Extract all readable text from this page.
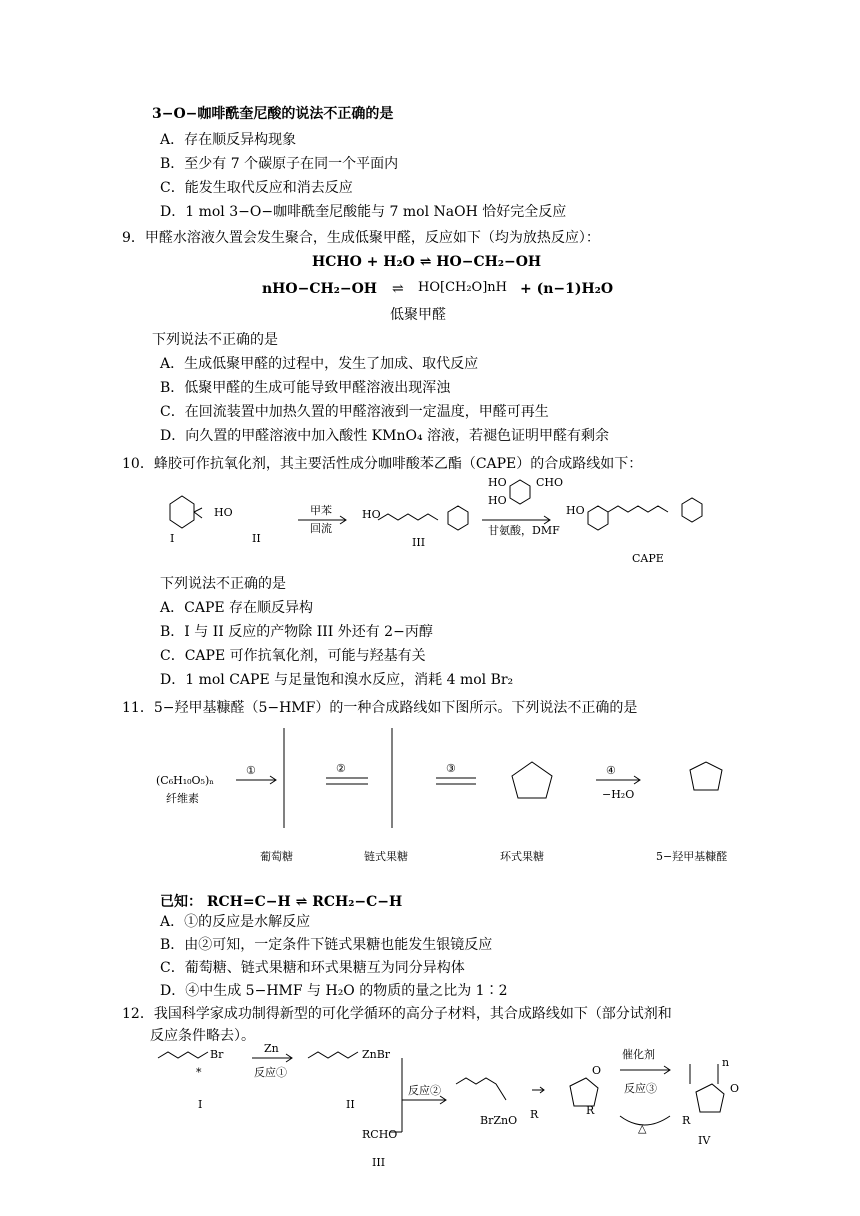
3−O−咖啡酰奎尼酸的说法不正确的是
A．存在顺反异构现象
B．至少有 7 个碳原子在同一个平面内
C．能发生取代反应和消去反应
D．1 mol 3−O−咖啡酰奎尼酸能与 7 mol NaOH 恰好完全反应
9．甲醛水溶液久置会发生聚合，生成低聚甲醛，反应如下（均为放热反应）：
HCHO + H₂O ⇌ HO−CH₂−OH
nHO−CH₂−OH ⇌ HO[CH₂O]nH + (n−1)H₂O
低聚甲醛
下列说法不正确的是
A．生成低聚甲醛的过程中，发生了加成、取代反应
B．低聚甲醛的生成可能导致甲醛溶液出现浑浊
C．在回流装置中加热久置的甲醛溶液到一定温度，甲醛可再生
D．向久置的甲醛溶液中加入酸性 KMnO₄ 溶液，若褪色证明甲醛有剩余
10．蜂胶可作抗氧化剂，其主要活性成分咖啡酸苯乙酯（CAPE）的合成路线如下：
I	II	III
CAPE
HO	甲苯
回流
HO
CHO
HO
HO
甘氨酸，DMF
HO
下列说法不正确的是
A．CAPE 存在顺反异构
B．I 与 II 反应的产物除 III 外还有 2−丙醇
C．CAPE 可作抗氧化剂，可能与羟基有关
D．1 mol CAPE 与足量饱和溴水反应，消耗 4 mol Br₂
11．5−羟甲基糠醛（5−HMF）的一种合成路线如下图所示。下列说法不正确的是
(C₆H₁₀O₅)ₙ
纤维素
①	②	③	④
−H₂O
葡萄糖	链式果糖	环式果糖	5−羟甲基糠醛
已知： RCH=C−H ⇌ RCH₂−C−H
A．①的反应是水解反应
B．由②可知，一定条件下链式果糖也能发生银镜反应
C．葡萄糖、链式果糖和环式果糖互为同分异构体
D．④中生成 5−HMF 与 H₂O 的物质的量之比为 1∶2
12．我国科学家成功制得新型的可化学循环的高分子材料，其合成路线如下（部分试剂和
反应条件略去）。
Br
*
Zn
反应①
ZnBr
反应②
RCHO
BrZnO R	R
O
催化剂
反应③
△
n
O
R
I	II
III
IV
